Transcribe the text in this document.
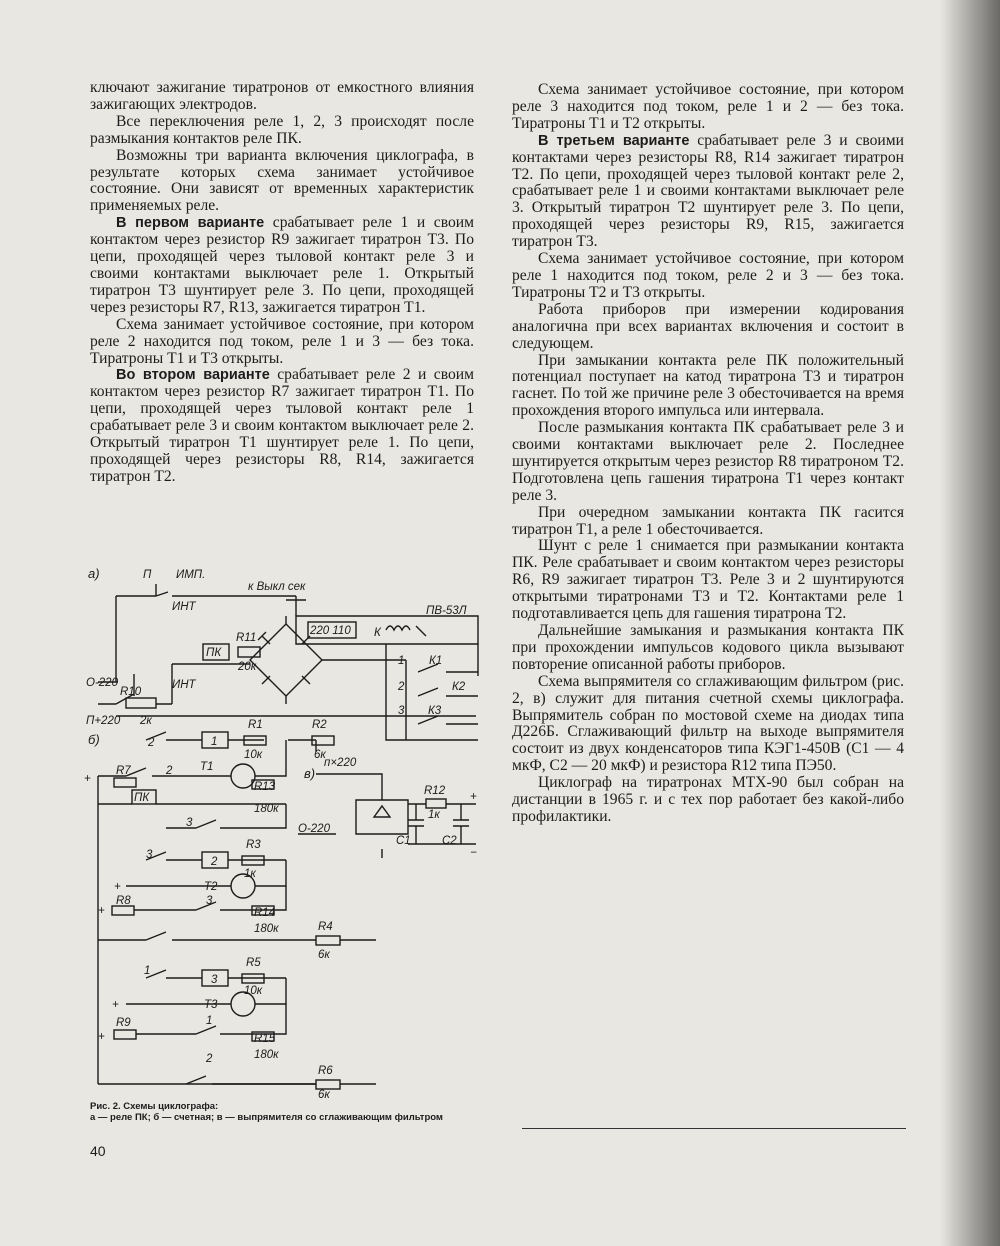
ключают зажигание тиратронов от емкостного влияния зажигающих электродов.

Все переключения реле 1, 2, 3 происходят после размыкания контактов реле ПК.

Возможны три варианта включения циклографа, в результате которых схема занимает устойчивое состояние. Они зависят от временных характеристик применяемых реле.

В первом варианте срабатывает реле 1 и своим контактом через резистор R9 зажигает тиратрон Т3. По цепи, проходящей через тыловой контакт реле 3 и своими контактами выключает реле 1. Открытый тиратрон Т3 шунтирует реле 3. По цепи, проходящей через резисторы R7, R13, зажигается тиратрон Т1.

Схема занимает устойчивое состояние, при котором реле 2 находится под током, реле 1 и 3 — без тока. Тиратроны Т1 и Т3 открыты.

Во втором варианте срабатывает реле 2 и своим контактом через резистор R7 зажигает тиратрон Т1. По цепи, проходящей через тыловой контакт реле 1 срабатывает реле 3 и своим контактом выключает реле 2. Открытый тиратрон Т1 шунтирует реле 1. По цепи, проходящей через резисторы R8, R14, зажигается тиратрон Т2.

Схема занимает устойчивое состояние, при котором реле 3 находится под током, реле 1 и 2 — без тока. Тиратроны Т1 и Т2 открыты.

В третьем варианте срабатывает реле 3 и своими контактами через резисторы R8, R14 зажигает тиратрон Т2. По цепи, проходящей через тыловой контакт реле 2, срабатывает реле 1 и своими контактами выключает реле 3. Открытый тиратрон Т2 шунтирует реле 3. По цепи, проходящей через резисторы R9, R15, зажигается тиратрон Т3.

Схема занимает устойчивое состояние, при котором реле 1 находится под током, реле 2 и 3 — без тока. Тиратроны Т2 и Т3 открыты.

Работа приборов при измерении кодирования аналогична при всех вариантах включения и состоит в следующем.

При замыкании контакта реле ПК положительный потенциал поступает на катод тиратрона Т3 и тиратрон гаснет. По той же причине реле 3 обесточивается на время прохождения второго импульса или интервала.

После размыкания контакта ПК срабатывает реле 3 и своими контактами выключает реле 2. Последнее шунтируется открытым через резистор R8 тиратроном Т2. Подготовлена цепь гашения тиратрона Т1 через контакт реле 3.

При очередном замыкании контакта ПК гасится тиратрон Т1, а реле 1 обесточивается.

Шунт с реле 1 снимается при размыкании контакта ПК. Реле срабатывает и своим контактом через резисторы R6, R9 зажигает тиратрон Т3. Реле 3 и 2 шунтируются открытыми тиратронами Т3 и Т2. Контактами реле 1 подготавливается цепь для гашения тиратрона Т2.

Дальнейшие замыкания и размыкания контакта ПК при прохождении импульсов кодового цикла вызывают повторение описанной работы приборов.

Схема выпрямителя со сглаживающим фильтром (рис. 2, в) служит для питания счетной схемы циклографа. Выпрямитель собран по мостовой схеме на диодах типа Д226Б. Сглаживающий фильтр на выходе выпрямителя состоит из двух конденсаторов типа КЭГ1-450В (С1 — 4 мкФ, С2 — 20 мкФ) и резистора R12 типа ПЭ50.

Циклограф на тиратронах МТХ-90 был собран на дистанции в 1965 г. и с тех пор работает без какой-либо профилактики.

а)	П ИМП.
к Выкл сек
ПВ-53Л
ИНТ
ПК
R11
20к
220 110 К
1 К1
2	К2
3 К3
О-220	ИНТ
R10
П+220 2к
б)	2	1
R1
10к
R2
6к
Т1
+
R7	2
R13
180к
ПК
3
в)
п×220
О-220
R12
1к
С1	С2
+
−
3
2
R3
1к
Т2
+
R8
+
3
R14
180к	R4
6к
1
3
R5
10к
Т3
+
R9
+
1
R15
180к
2
R6
6к
Рис. 2. Схемы циклографа:
а — реле ПК; б — счетная; в — выпрямителя со сглаживающим фильтром
40
